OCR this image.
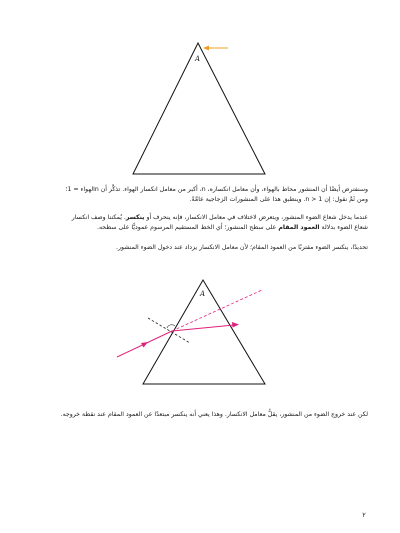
A
A
وسنفترض أيضًا أن المنشور محاط بالهواء، وأن معامل انكساره، n، أكبر من معامل انكسار الهواء. تذكَّر أن n‏الهواء = 1؛
ومن ثَمَّ نقول: إن n > 1. وينطبق هذا على المنشورات الزجاجية عامَّةً.
عندما يدخل شعاع الضوء المنشور، ويتعرض لاختلاف في معامل الانكسار، فإنه ينحرف أو ينكسر. يُمكننا وصف انكسار
شعاع الضوء بدلالة العمود المقام على سطح المنشور؛ أي الخط المستقيم المرسوم عموديًّا على سطحه.
تحديدًا، ينكسر الضوء مقتربًا من العمود المقام؛ لأن معامل الانكسار يزداد عند دخول الضوء المنشور.
لكن عند خروج الضوء من المنشور، يقلُّ معامل الانكسار. وهذا يعني أنه ينكسر مبتعدًا عن العمود المقام عند نقطة خروجه.
٢
